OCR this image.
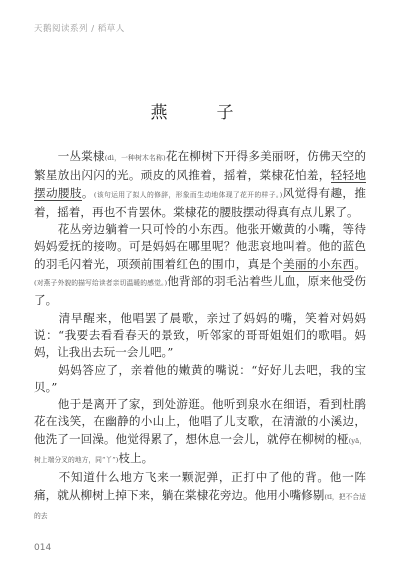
天鹅阅读系列 / 稻草人
燕　子

　　一丛棠棣(dì，一种树木名称)花在柳树下开得多美丽呀，仿佛天空的繁星放出闪闪的光。顽皮的风推着，摇着，棠棣花怕羞，轻轻地摆动腰肢。(该句运用了拟人的修辞，形象而生动地体现了花开的样子。)风觉得有趣，推着，摇着，再也不肯罢休。棠棣花的腰肢摆动得真有点儿累了。

　　花丛旁边躺着一只可怜的小东西。他张开嫩黄的小嘴，等待妈妈爱抚的接吻。可是妈妈在哪里呢？他悲哀地叫着。他的蓝色的羽毛闪着光，项颈前围着红色的围巾，真是个美丽的小东西。(对燕子外貌的描写给读者亲切温暖的感觉。)他背部的羽毛沾着些儿血，原来他受伤了。

　　清早醒来，他唱罢了晨歌，亲过了妈妈的嘴，笑着对妈妈说：“我要去看看春天的景致，听邻家的哥哥姐姐们的歌唱。妈妈，让我出去玩一会儿吧。”

　　妈妈答应了，亲着他的嫩黄的嘴说：“好好儿去吧，我的宝贝。”

　　他于是离开了家，到处游逛。他听到泉水在细语，看到杜鹃花在浅笑，在幽静的小山上，他唱了儿支歌，在清澈的小溪边，他洗了一回澡。他觉得累了，想休息一会儿，就停在柳树的桠(yā，树上端分叉的地方，同“丫”)枝上。

　　不知道什么地方飞来一颗泥弹，正打中了他的背。他一阵痛，就从柳树上掉下来，躺在棠棣花旁边。他用小嘴修剔(tī，把不合适的去

014
